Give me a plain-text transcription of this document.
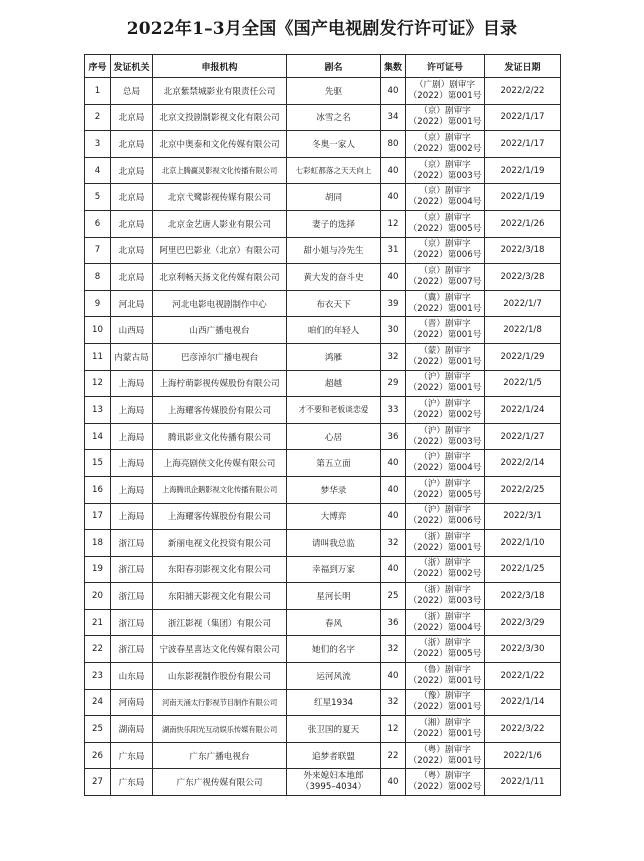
2022年1–3月全国《国产电视剧发行许可证》目录
序号	发证机关	申报机构	剧名	集数	许可证号	发证日期
1	总局	北京紫禁城影业有限责任公司	先驱	40	（广剧）剧审字
（2022）第001号	2022/2/22
2	北京局	北京文投剧制影视文化有限公司	冰雪之名	34	（京）剧审字
（2022）第001号	2022/1/17
3	北京局	北京中奥泰和文化传媒有限公司	冬奥一家人	80	（京）剧审字
（2022）第002号	2022/1/17
4	北京局	北京上腾赢灵影视文化传播有限公司	七彩虹都落之天天向上	40	（京）剧审字
（2022）第003号	2022/1/19
5	北京局	北京弋鹭影视传媒有限公司	胡同	40	（京）剧审字
（2022）第004号	2022/1/19
6	北京局	北京金艺唐人影业有限公司	妻子的选择	12	（京）剧审字
（2022）第005号	2022/1/26
7	北京局	阿里巴巴影业（北京）有限公司	甜小姐与冷先生	31	（京）剧审字
（2022）第006号	2022/3/18
8	北京局	北京利畅天扬文化传媒有限公司	黄大发的奋斗史	40	（京）剧审字
（2022）第007号	2022/3/28
9	河北局	河北电影电视剧制作中心	布衣天下	39	（冀）剧审字
（2022）第001号	2022/1/7
10	山西局	山西广播电视台	咱们的年轻人	30	（晋）剧审字
（2022）第001号	2022/1/8
11	内蒙古局	巴彦淖尔广播电视台	鸿雁	32	（蒙）剧审字
（2022）第001号	2022/1/29
12	上海局	上海柠萌影视传媒股份有限公司	超越	29	（沪）剧审字
（2022）第001号	2022/1/5
13	上海局	上海耀客传媒股份有限公司	才不要和老板谈恋爱	33	（沪）剧审字
（2022）第002号	2022/1/24
14	上海局	腾讯影业文化传播有限公司	心居	36	（沪）剧审字
（2022）第003号	2022/1/27
15	上海局	上海亮剧侠文化传媒有限公司	第五立面	40	（沪）剧审字
（2022）第004号	2022/2/14
16	上海局	上海腾讯企鹅影视文化传播有限公司	梦华录	40	（沪）剧审字
（2022）第005号	2022/2/25
17	上海局	上海耀客传媒股份有限公司	大博弈	40	（沪）剧审字
（2022）第006号	2022/3/1
18	浙江局	新丽电视文化投资有限公司	请叫我总监	32	（浙）剧审字
（2022）第001号	2022/1/10
19	浙江局	东阳春羽影视文化有限公司	幸福到万家	40	（浙）剧审字
（2022）第002号	2022/1/25
20	浙江局	东阳捕天影视文化有限公司	星河长明	25	（浙）剧审字
（2022）第003号	2022/3/18
21	浙江局	浙江影视（集团）有限公司	春风	36	（浙）剧审字
（2022）第004号	2022/3/29
22	浙江局	宁波春星喜达文化传媒有限公司	她们的名字	32	（浙）剧审字
（2022）第005号	2022/3/30
23	山东局	山东影视制作股份有限公司	运河风流	40	（鲁）剧审字
（2022）第001号	2022/1/22
24	河南局	河南天涌太行影视节目制作有限公司	红星1934	32	（豫）剧审字
（2022）第001号	2022/1/14
25	湖南局	湖南快乐阳光互动娱乐传媒有限公司	张卫国的夏天	12	（湘）剧审字
（2022）第001号	2022/3/22
26	广东局	广东广播电视台	追梦者联盟	22	（粤）剧审字
（2022）第001号	2022/1/6
27	广东局	广东广视传媒有限公司	外来媳妇本地郎
（3995–4034）	40	（粤）剧审字
（2022）第002号	2022/1/11
